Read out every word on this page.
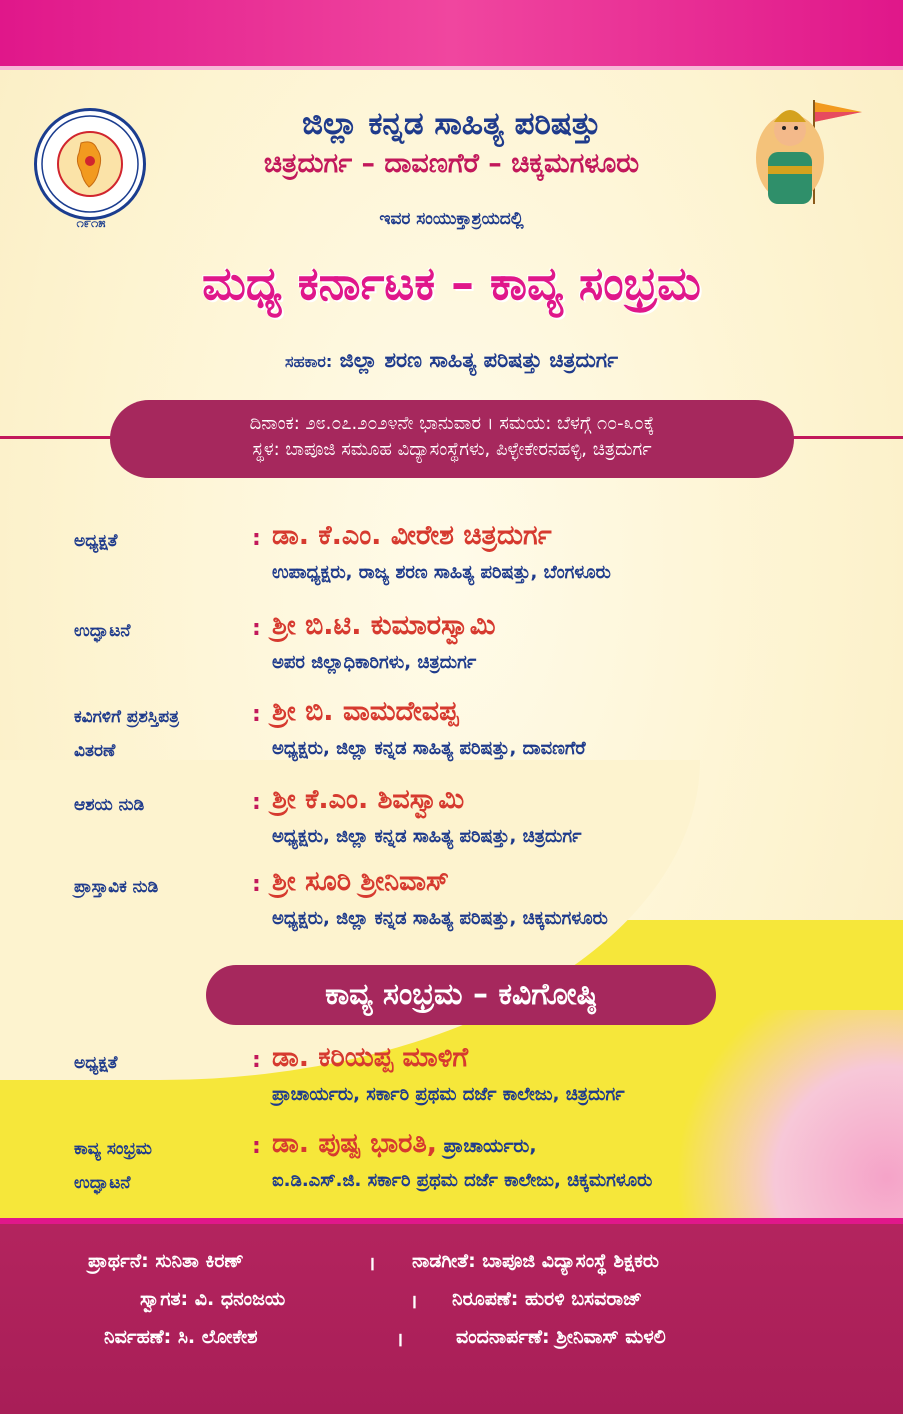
೧೯೧೫
ಜಿಲ್ಲಾ ಕನ್ನಡ ಸಾಹಿತ್ಯ ಪರಿಷತ್ತು
ಚಿತ್ರದುರ್ಗ – ದಾವಣಗೆರೆ – ಚಿಕ್ಕಮಗಳೂರು
ಇವರ ಸಂಯುಕ್ತಾಶ್ರಯದಲ್ಲಿ
ಮಧ್ಯ ಕರ್ನಾಟಕ – ಕಾವ್ಯ ಸಂಭ್ರಮ
ಸಹಕಾರ: ಜಿಲ್ಲಾ ಶರಣ ಸಾಹಿತ್ಯ ಪರಿಷತ್ತು ಚಿತ್ರದುರ್ಗ
ದಿನಾಂಕ: ೨೮.೦೭.೨೦೨೪ನೇ ಭಾನುವಾರ । ಸಮಯ: ಬೆಳಗ್ಗೆ ೧೦-೩೦ಕ್ಕೆ
ಸ್ಥಳ: ಬಾಪೂಜಿ ಸಮೂಹ ವಿದ್ಯಾಸಂಸ್ಥೆಗಳು, ಪಿಳ್ಳೇಕೇರನಹಳ್ಳಿ, ಚಿತ್ರದುರ್ಗ
ಅಧ್ಯಕ್ಷತೆ	: ಡಾ. ಕೆ.ಎಂ. ವೀರೇಶ ಚಿತ್ರದುರ್ಗ
ಉಪಾಧ್ಯಕ್ಷರು, ರಾಜ್ಯ ಶರಣ ಸಾಹಿತ್ಯ ಪರಿಷತ್ತು, ಬೆಂಗಳೂರು
ಉದ್ಘಾಟನೆ	: ಶ್ರೀ ಬಿ.ಟಿ. ಕುಮಾರಸ್ವಾಮಿ
ಅಪರ ಜಿಲ್ಲಾಧಿಕಾರಿಗಳು, ಚಿತ್ರದುರ್ಗ
ಕವಿಗಳಿಗೆ ಪ್ರಶಸ್ತಿಪತ್ರ
ವಿತರಣೆ
: ಶ್ರೀ ಬಿ. ವಾಮದೇವಪ್ಪ
ಅಧ್ಯಕ್ಷರು, ಜಿಲ್ಲಾ ಕನ್ನಡ ಸಾಹಿತ್ಯ ಪರಿಷತ್ತು, ದಾವಣಗೆರೆ
ಆಶಯ ನುಡಿ	: ಶ್ರೀ ಕೆ.ಎಂ. ಶಿವಸ್ವಾಮಿ
ಅಧ್ಯಕ್ಷರು, ಜಿಲ್ಲಾ ಕನ್ನಡ ಸಾಹಿತ್ಯ ಪರಿಷತ್ತು, ಚಿತ್ರದುರ್ಗ
ಪ್ರಾಸ್ತಾವಿಕ ನುಡಿ	: ಶ್ರೀ ಸೂರಿ ಶ್ರೀನಿವಾಸ್
ಅಧ್ಯಕ್ಷರು, ಜಿಲ್ಲಾ ಕನ್ನಡ ಸಾಹಿತ್ಯ ಪರಿಷತ್ತು, ಚಿಕ್ಕಮಗಳೂರು
ಕಾವ್ಯ ಸಂಭ್ರಮ – ಕವಿಗೋಷ್ಠಿ
ಅಧ್ಯಕ್ಷತೆ	: ಡಾ. ಕರಿಯಪ್ಪ ಮಾಳಿಗೆ
ಪ್ರಾಚಾರ್ಯರು, ಸರ್ಕಾರಿ ಪ್ರಥಮ ದರ್ಜೆ ಕಾಲೇಜು, ಚಿತ್ರದುರ್ಗ
ಕಾವ್ಯ ಸಂಭ್ರಮ
ಉದ್ಘಾಟನೆ
: ಡಾ. ಪುಷ್ಪ ಭಾರತಿ, ಪ್ರಾಚಾರ್ಯರು,
ಐ.ಡಿ.ಎಸ್.ಜಿ. ಸರ್ಕಾರಿ ಪ್ರಥಮ ದರ್ಜೆ ಕಾಲೇಜು, ಚಿಕ್ಕಮಗಳೂರು
ಪ್ರಾರ್ಥನೆ: ಸುನಿತಾ ಕಿರಣ್	। ನಾಡಗೀತೆ: ಬಾಪೂಜಿ ವಿದ್ಯಾಸಂಸ್ಥೆ ಶಿಕ್ಷಕರು
ಸ್ವಾಗತ: ವಿ. ಧನಂಜಯ	। ನಿರೂಪಣೆ: ಹುರಳಿ ಬಸವರಾಜ್
ನಿರ್ವಹಣೆ: ಸಿ. ಲೋಕೇಶ	।	ವಂದನಾರ್ಪಣೆ: ಶ್ರೀನಿವಾಸ್ ಮಳಲಿ
